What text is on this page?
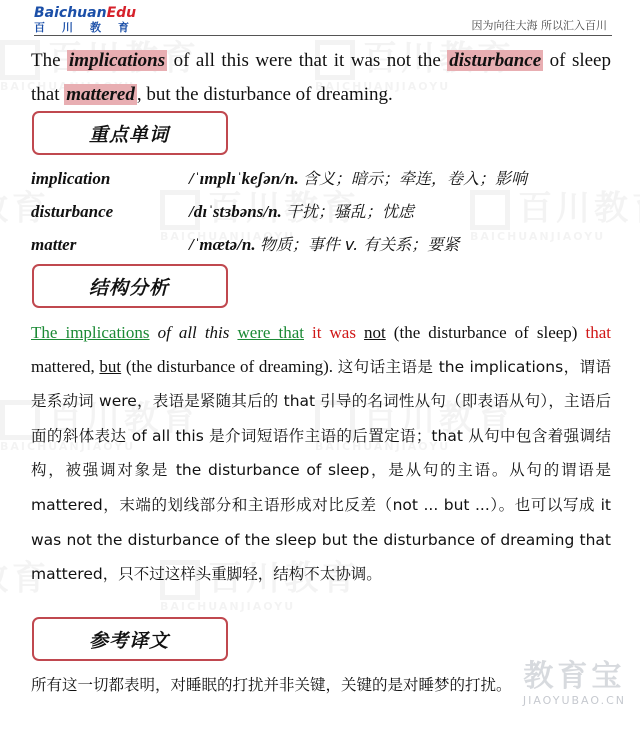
BaichuanEdu
百川教育	因为向往大海 所以汇入百川
The implications of all this were that it was not the disturbance of sleep that mattered , but the disturbance of dreaming.
重点单词
implication	/ˈɪmplɪˈkeʃən/n. 含义；暗示；牵连，卷入；影响
disturbance	/dɪˈstɜbəns/n. 干扰；骚乱；忧虑
matter	/ˈmætə/n. 物质；事件 v. 有关系；要紧
结构分析
The implications of all this were that it was not (the disturbance of sleep) that mattered, but (the disturbance of dreaming). 这句话主语是 the implications，谓语是系动词 were，表语是紧随其后的 that 引导的名词性从句（即表语从句），主语后面的斜体表达 of all this 是介词短语作主语的后置定语；that 从句中包含着强调结构，被强调对象是 the disturbance of sleep，是从句的主语。从句的谓语是 mattered，末端的划线部分和主语形成对比反差（not ... but ...）。也可以写成 it was not the disturbance of the sleep but the disturbance of dreaming that mattered，只不过这样头重脚轻，结构不太协调。
参考译文
所有这一切都表明，对睡眠的打扰并非关键，关键的是对睡梦的打扰。 教育宝
JIAOYUBAO.CN
